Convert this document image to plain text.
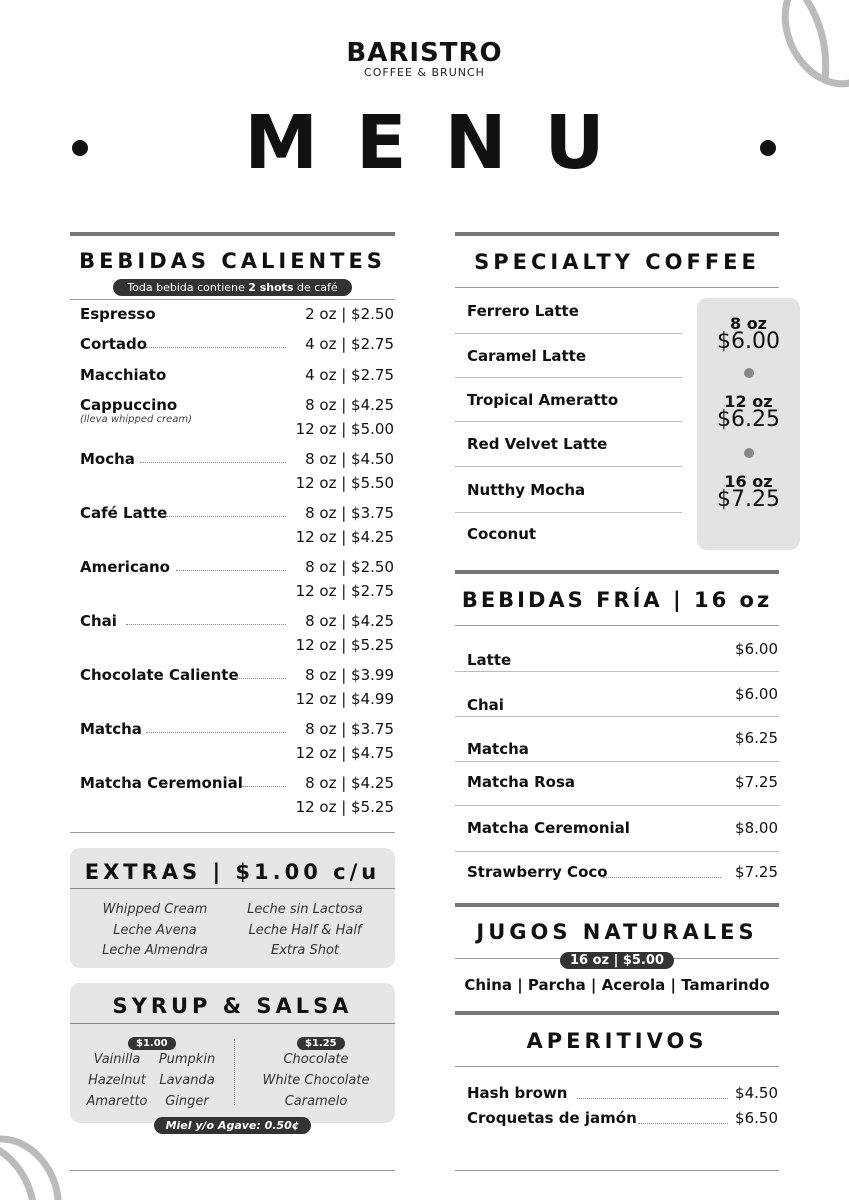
BARISTRO
COFFEE & BRUNCH
MENU
BEBIDAS CALIENTES
Toda bebida contiene 2 shots de café
Espresso	2 oz | $2.50
Cortado	4 oz | $2.75
Macchiato	4 oz | $2.75
Cappuccino
(lleva whipped cream)
8 oz | $4.25
12 oz | $5.00
Mocha	8 oz | $4.50
12 oz | $5.50
Café Latte	8 oz | $3.75
12 oz | $4.25
Americano	8 oz | $2.50
12 oz | $2.75
Chai	8 oz | $4.25
12 oz | $5.25
Chocolate Caliente	8 oz | $3.99
12 oz | $4.99
Matcha	8 oz | $3.75
12 oz | $4.75
Matcha Ceremonial	8 oz | $4.25
12 oz | $5.25
EXTRAS | $1.00 c/u
Whipped Cream
Leche Avena
Leche Almendra
Leche sin Lactosa
Leche Half & Half
Extra Shot
SYRUP & SALSA
$1.00	$1.25
Vainilla
Hazelnut
Amaretto
Pumpkin
Lavanda
Ginger
Chocolate
White Chocolate
Caramelo
Miel y/o Agave: 0.50¢
SPECIALTY COFFEE
Ferrero Latte
Caramel Latte
Tropical Ameratto
Red Velvet Latte
Nutthy Mocha
Coconut
8 oz
$6.00
12 oz
$6.25
16 oz
$7.25
BEBIDAS FRÍA | 16 oz
Latte
$6.00
Chai
$6.00
Matcha
$6.25
Matcha Rosa	$7.25
Matcha Ceremonial	$8.00
Strawberry Coco	$7.25
JUGOS NATURALES
16 oz | $5.00
China | Parcha | Acerola | Tamarindo
APERITIVOS
Hash brown	$4.50
Croquetas de jamón	$6.50
